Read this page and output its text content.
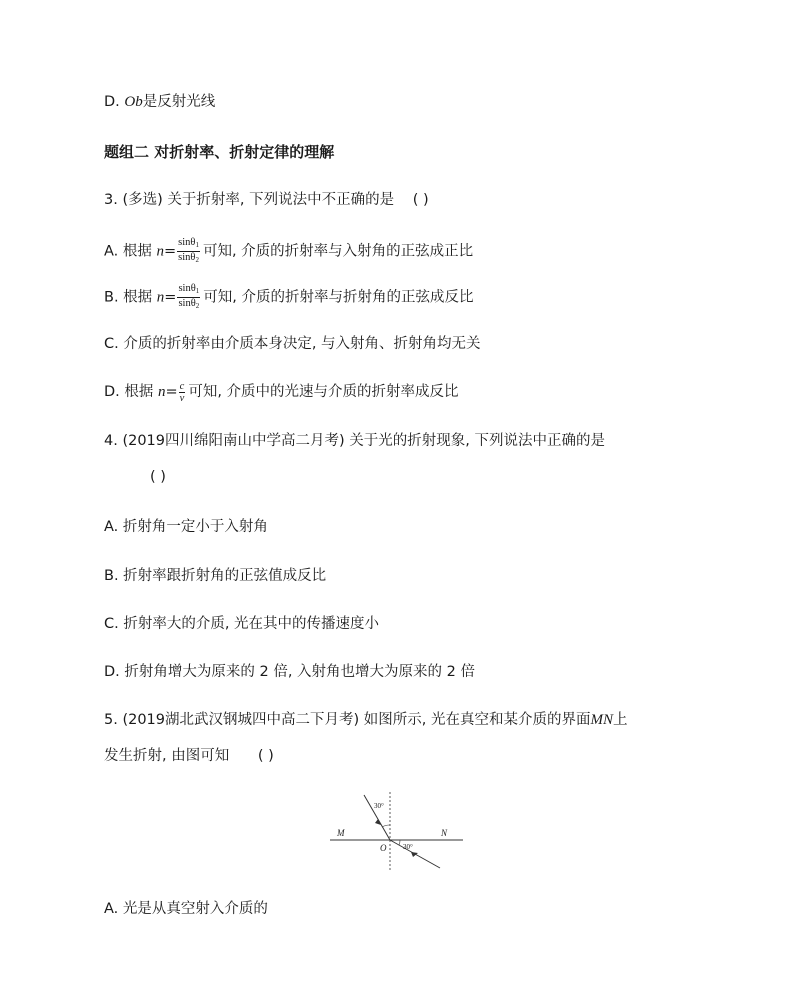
D. Ob是反射光线
题组二 对折射率、折射定律的理解
3. (多选) 关于折射率, 下列说法中不正确的是 ( )
A. 根据 $n= \frac{\sin\theta_1}{\sin\theta_2}$ 可知, 介质的折射率与入射角的正弦成正比
B. 根据 $n= \frac{\sin\theta_1}{\sin\theta_2}$ 可知, 介质的折射率与折射角的正弦成反比
C. 介质的折射率由介质本身决定, 与入射角、折射角均无关
D. 根据 $n= \frac{c}{v}$ 可知, 介质中的光速与介质的折射率成反比
4. (2019四川绵阳南山中学高二月考) 关于光的折射现象, 下列说法中正确的是
( )
A. 折射角一定小于入射角
B. 折射率跟折射角的正弦值成反比
C. 折射率大的介质, 光在其中的传播速度小
D. 折射角增大为原来的 2 倍, 入射角也增大为原来的 2 倍
5. (2019湖北武汉钢城四中高二下月考) 如图所示, 光在真空和某介质的界面MN上
发生折射, 由图可知 ( )
M	N
O
30°
30°
A. 光是从真空射入介质的
